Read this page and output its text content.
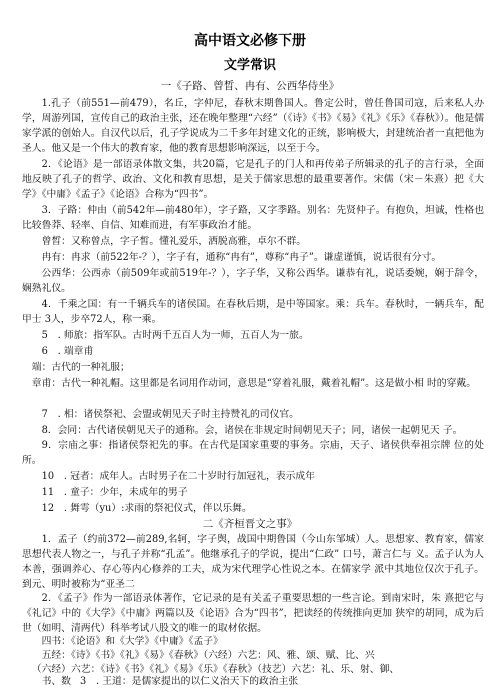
高中语文必修下册
文学常识
一《子路、曾晳、冉有、公西华侍坐》
1.孔子（前551—前479），名丘，字仲尼，春秋末期鲁国人。鲁定公时，曾任鲁国司寇，后来私人办学，周游列国，宣传自己的政治主张，还在晚年整理“六经”（《诗》《书》《易》《礼》《乐》《春秋》）。他是儒家学派的创始人。自汉代以后，孔子学说成为二千多年封建文化的正统，影响极大，封建统治者一直把他为圣人。他又是一个伟大的教育家，他的教育思想影响深远，以至于今。
2．《论语》是一部语录体散文集，共20篇，它是孔子的门人和再传弟子所辑录的孔子的言行录，全面地反映了孔子的哲学、政治、文化和教育思想，是关于儒家思想的最重要著作。宋儒（宋－朱熹）把《大学》《中庸》《孟子》《论语》合称为“四书”。
3．子路：仲由（前542年—前480年），字子路，又字季路。别名：先贤仲子。有抱负，坦诚，性格也比较鲁莽、轻率、自信、知难而进，有军事政治才能。
曾晳：又称曾点，字子皙。懂礼爱乐，洒脱高雅，卓尔不群。
冉有：冉求（前522年-？），字子有，通称“冉有”，尊称“冉子”。谦虚谨慎，说话很有分寸。
公西华：公西赤（前509年或前519年-？），字子华，又称公西华。谦恭有礼，说话委婉，娴于辞令，娴熟礼仪。
4．千乘之国：有一千辆兵车的诸侯国。在春秋后期，是中等国家。乘：兵车。春秋时，一辆兵车，配甲士 3人，步卒72人，称一乘。
5　. 师旅：指军队。古时两千五百人为一师，五百人为一旅。
6　. 端章甫
端：古代的一种礼服；
章甫：古代一种礼帽。这里都是名词用作动词，意思是“穿着礼服，戴着礼帽”。这是做小相 时的穿戴。
7　. 相：诸侯祭祀、会盟或朝见天子时主持赞礼的司仪官。
8．会同：古代诸侯朝见天子的通称。会，诸侯在非规定时间朝见天子；同，诸侯一起朝见天 子。
9．宗庙之事：指诸侯祭祀先的事。在古代是国家重要的事务。宗庙，天子、诸侯供奉祖宗牌 位的处所。
10　. 冠者：成年人。古时男子在二十岁时行加冠礼，表示成年
11　. 童子：少年，未成年的男子
12　. 舞雩（yu）:求雨的祭祀仪式，伴以乐舞。
二《齐桓晋文之事》
1．孟子（约前372—前289,名轲，字子舆，战国中期鲁国（今山东邹城）人。思想家、教育家，儒家思想代表人物之一，与孔子并称“孔孟”。他继承孔子的学说，提出“仁政” 口号，萧言仁与 义。孟子认为人本善，强调养心、存心等内心修养的工夫，成为宋代理学心性说之本。在儒家学 派中其地位仅次于孔子。到元、明时被称为“亚圣二
2．《孟子》作为一部语录体著作，它记录的是有关孟子重要思想的一些言论。到南宋时，朱 熹把它与《礼记》中的《大学》《中庸》两篇以及《论语》合为“四书”，把读经的传统推向更加 狭窄的胡同，成为后世（如明、清两代）科举考试八股文的唯一的取材依据。
四书：《论语》和《大学》《中庸》《孟子》
五经：《诗》《书》《礼》《易》《春秋》（六经）六艺：风、雅、颂、赋、比、兴
（六经）六艺：《诗》《书》《礼》《易》《乐》《春秋》（技艺）六艺：礼、乐、射、御、
书、数 3　. 王道：是儒家提出的以仁义治天下的政治主张
